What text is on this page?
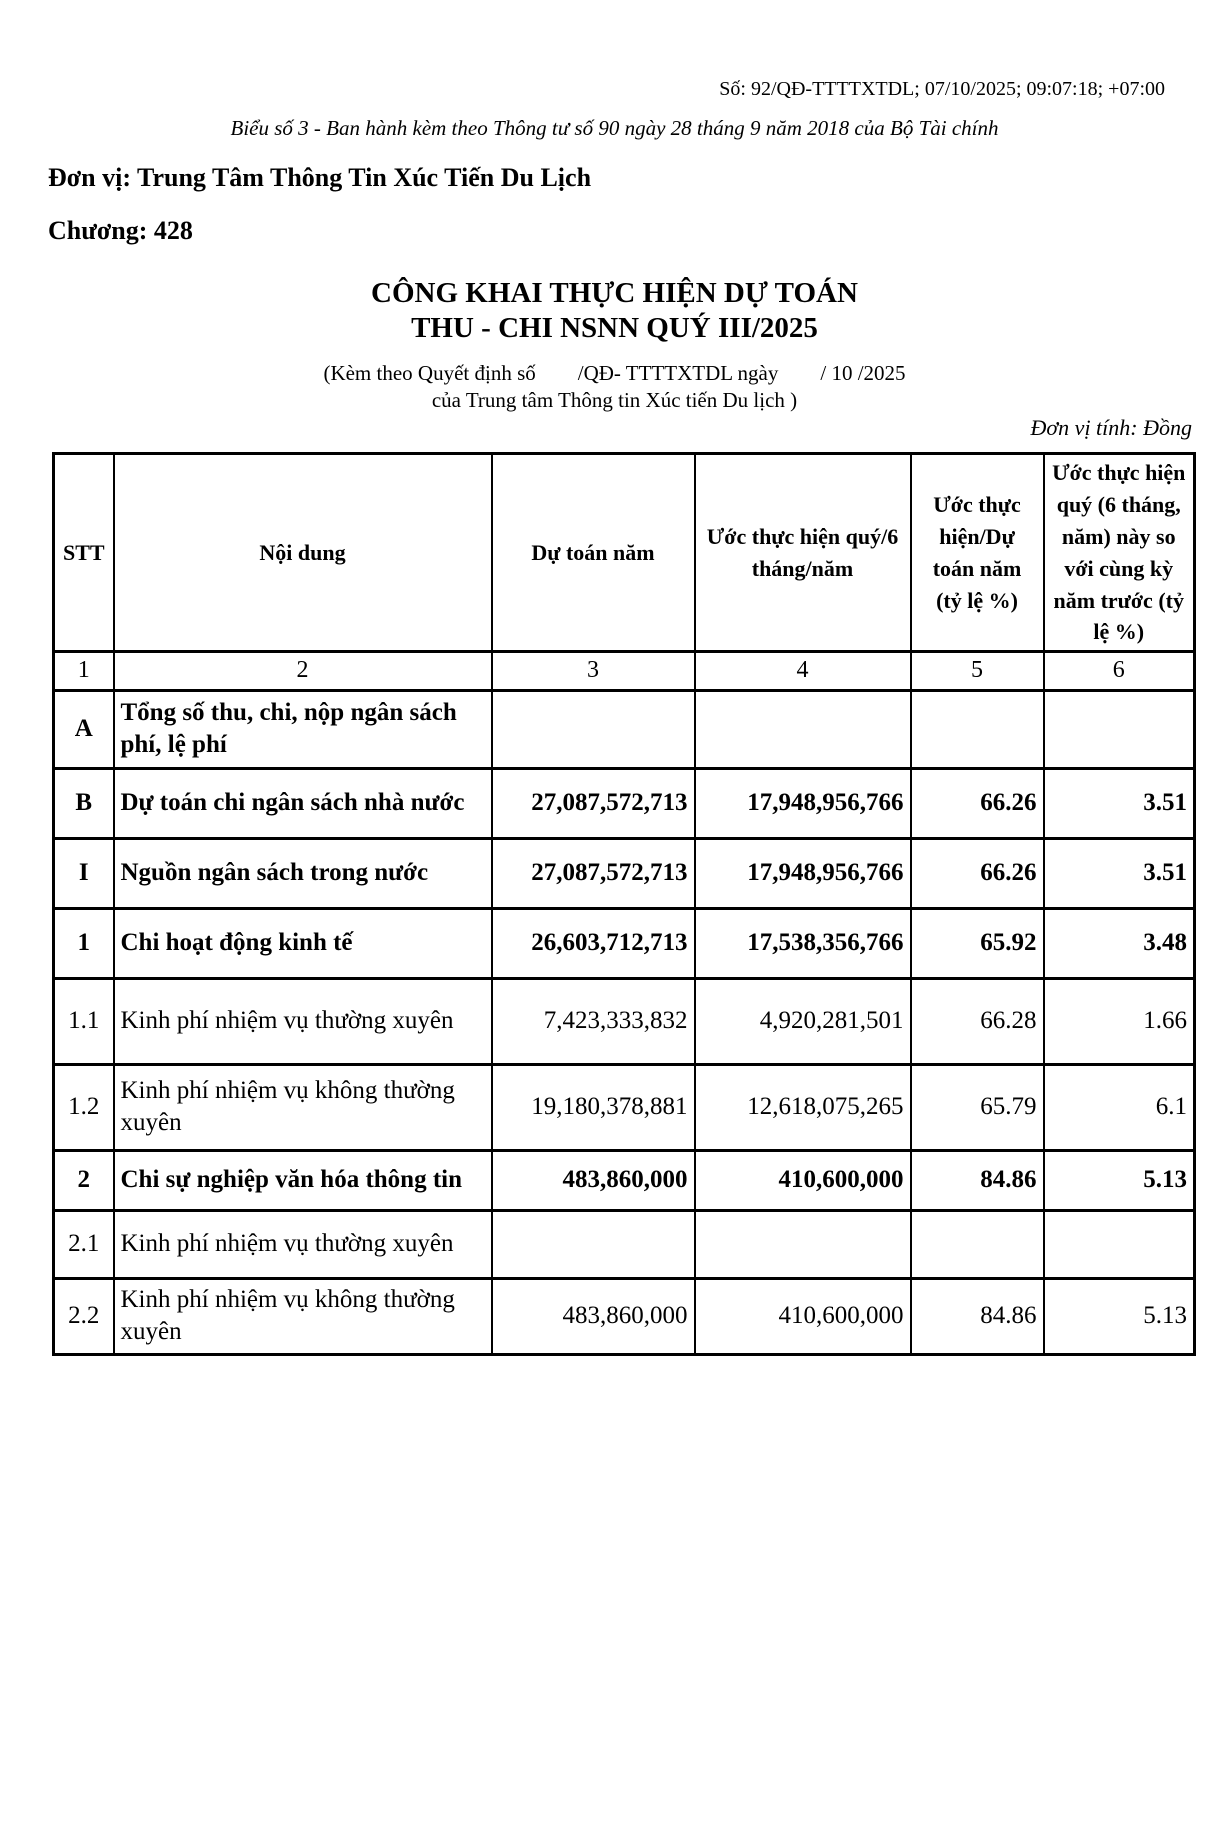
Số: 92/QĐ-TTTTXTDL; 07/10/2025; 09:07:18; +07:00
Biểu số 3 - Ban hành kèm theo Thông tư số 90 ngày 28 tháng 9 năm 2018 của Bộ Tài chính
Đơn vị: Trung Tâm Thông Tin Xúc Tiến Du Lịch
Chương: 428
CÔNG KHAI THỰC HIỆN DỰ TOÁN
THU - CHI NSNN QUÝ III/2025
(Kèm theo Quyết định số        /QĐ- TTTTXTDL ngày        / 10 /2025
của Trung tâm Thông tin Xúc tiến Du lịch )
Đơn vị tính: Đồng
STT	Nội dung	Dự toán năm	Ước thực hiện quý/6 tháng/năm	Ước thực hiện/Dự toán năm (tỷ lệ %)	Ước thực hiện quý (6 tháng, năm) này so với cùng kỳ năm trước (tỷ lệ %)
1	2	3	4	5	6
A	Tổng số thu, chi, nộp ngân sách phí, lệ phí				
B	Dự toán chi ngân sách nhà nước	27,087,572,713	17,948,956,766	66.26	3.51
I	Nguồn ngân sách trong nước	27,087,572,713	17,948,956,766	66.26	3.51
1	Chi hoạt động kinh tế	26,603,712,713	17,538,356,766	65.92	3.48
1.1	Kinh phí nhiệm vụ thường xuyên	7,423,333,832	4,920,281,501	66.28	1.66
1.2	Kinh phí nhiệm vụ không thường xuyên	19,180,378,881	12,618,075,265	65.79	6.1
2	Chi sự nghiệp văn hóa thông tin	483,860,000	410,600,000	84.86	5.13
2.1	Kinh phí nhiệm vụ thường xuyên				
2.2	Kinh phí nhiệm vụ không thường xuyên	483,860,000	410,600,000	84.86	5.13
